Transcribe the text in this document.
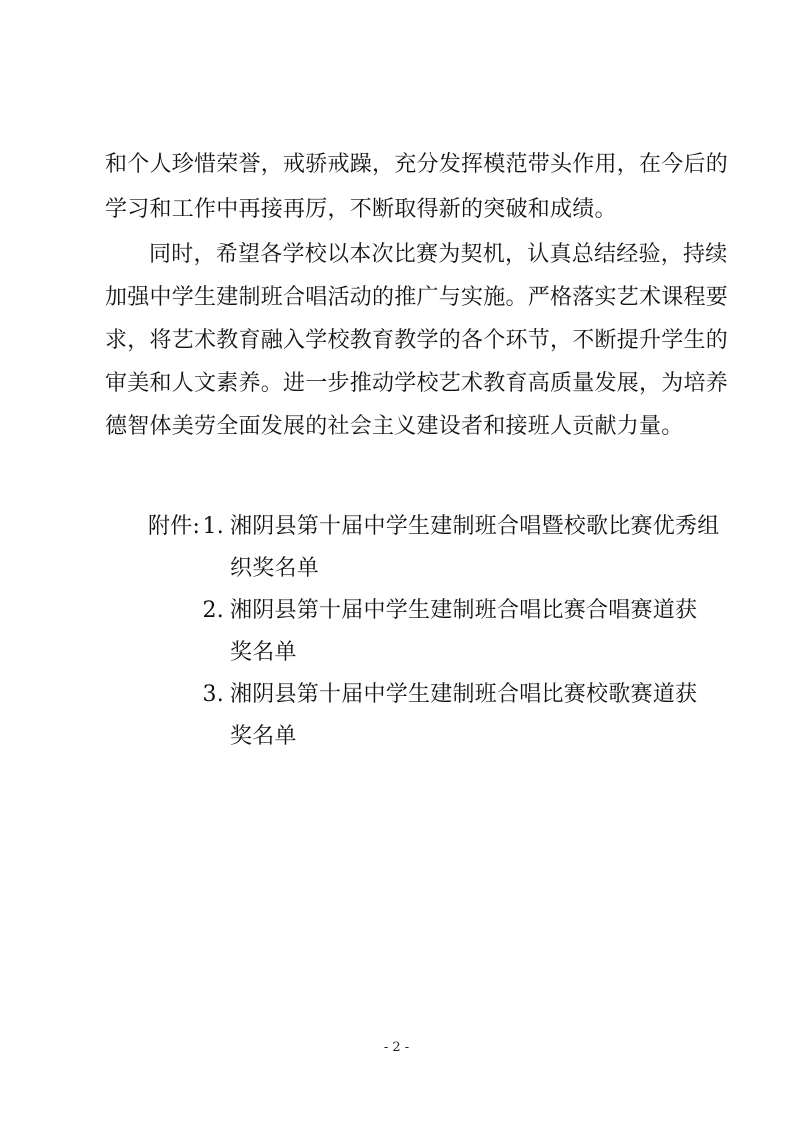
和个人珍惜荣誉，戒骄戒躁，充分发挥模范带头作用，在今后的
学习和工作中再接再厉，不断取得新的突破和成绩。
同时，希望各学校以本次比赛为契机，认真总结经验，持续
加强中学生建制班合唱活动的推广与实施。严格落实艺术课程要
求，将艺术教育融入学校教育教学的各个环节，不断提升学生的
审美和人文素养。进一步推动学校艺术教育高质量发展，为培养
德智体美劳全面发展的社会主义建设者和接班人贡献力量。
附件: 1. 湘阴县第十届中学生建制班合唱暨校歌比赛优秀组
织奖名单
2. 湘阴县第十届中学生建制班合唱比赛合唱赛道获
奖名单
3. 湘阴县第十届中学生建制班合唱比赛校歌赛道获
奖名单
- 2 -
